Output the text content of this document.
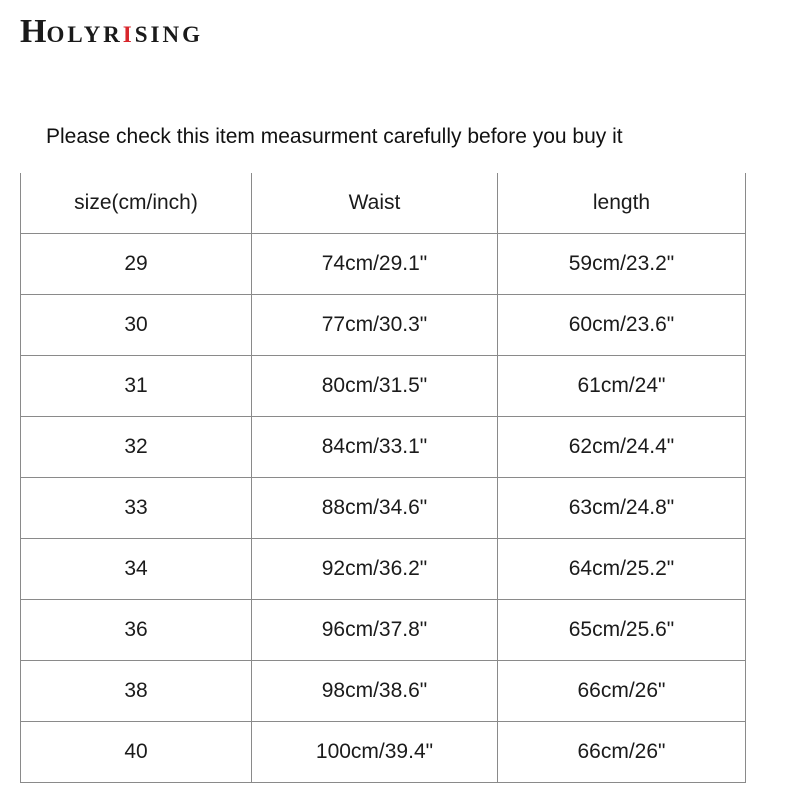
H OLYR I SING
Please check this item measurment carefully before you buy it
size(cm/inch)	Waist	length
29	74cm/29.1"	59cm/23.2"
30	77cm/30.3"	60cm/23.6"
31	80cm/31.5"	61cm/24"
32	84cm/33.1"	62cm/24.4"
33	88cm/34.6"	63cm/24.8"
34	92cm/36.2"	64cm/25.2"
36	96cm/37.8"	65cm/25.6"
38	98cm/38.6"	66cm/26"
40	100cm/39.4"	66cm/26"
